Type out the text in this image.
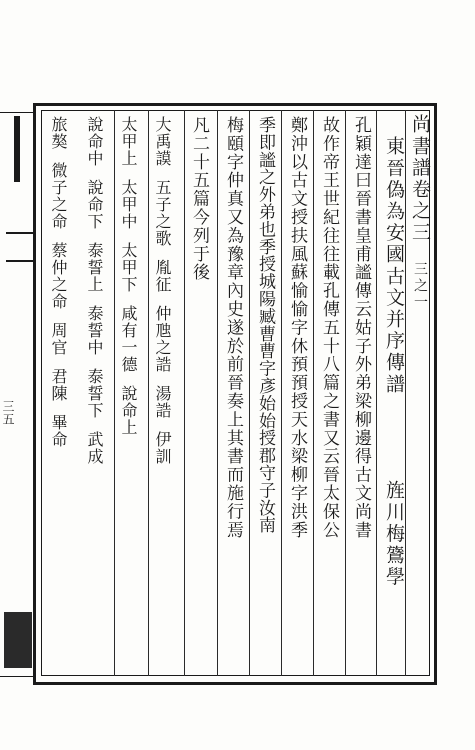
三五
尚書譜卷之三三之一
東晉偽為安國古文并序傳譜
旌川梅鷟學
孔穎達曰晉書皇甫謐傳云姑子外弟梁柳邊得古文尚書
故作帝王世紀往往載孔傳五十八篇之書又云晉太保公
鄭沖以古文授扶風蘇愉愉字休預預授天水梁柳字洪季
季即謐之外弟也季授城陽臧曹曹字彥始始授郡守子汝南
梅頤字仲真又為豫章內史遂於前晉奏上其書而施行焉
凡二十五篇今列于後
大禹謨五子之歌胤征仲虺之誥湯誥伊訓
太甲上太甲中太甲下咸有一德說命上
說命中說命下泰誓上泰誓中泰誓下武成
旅獒微子之命蔡仲之命周官君陳畢命
